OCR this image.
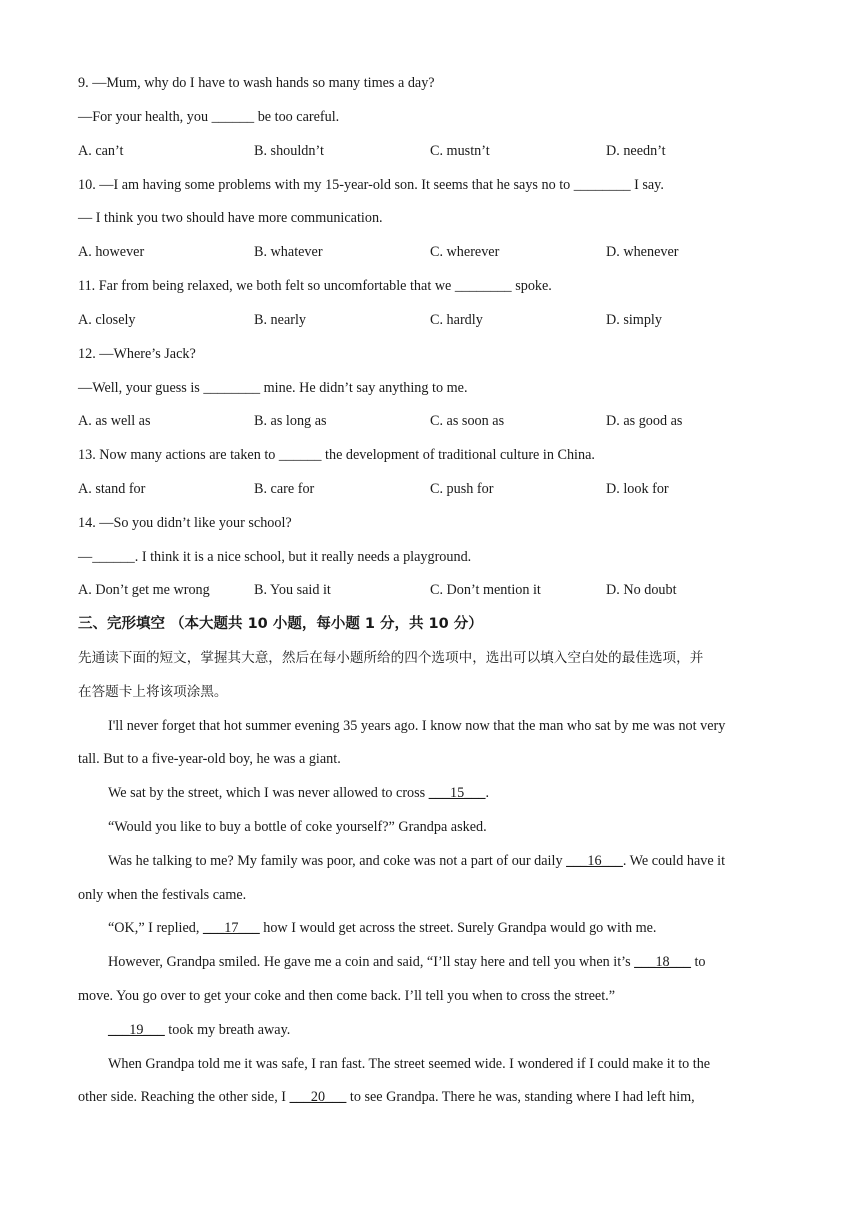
9. —Mum, why do I have to wash hands so many times a day?
—For your health, you ______ be too careful.
A. can’t	B. shouldn’t	C. mustn’t	D. needn’t
10. —I am having some problems with my 15-year-old son. It seems that he says no to ________ I say.
— I think you two should have more communication.
A. however	B. whatever	C. wherever	D. whenever
11. Far from being relaxed, we both felt so uncomfortable that we ________ spoke.
A. closely	B. nearly	C. hardly	D. simply
12. —Where’s Jack?
—Well, your guess is ________ mine. He didn’t say anything to me.
A. as well as	B. as long as	C. as soon as	D. as good as
13. Now many actions are taken to ______ the development of traditional culture in China.
A. stand for	B. care for	C. push for	D. look for
14. —So you didn’t like your school?
—______. I think it is a nice school, but it really needs a playground.
A. Don’t get me wrong	B. You said it	C. Don’t mention it	D. No doubt
三、完形填空 （本大题共 10 小题，每小题 1 分，共 10 分）
先通读下面的短文，掌握其大意，然后在每小题所给的四个选项中，选出可以填入空白处的最佳选项，并
在答题卡上将该项涂黑。
I'll never forget that hot summer evening 35 years ago. I know now that the man who sat by me was not very
tall. But to a five-year-old boy, he was a giant.
We sat by the street, which I was never allowed to cross ___15___.
“Would you like to buy a bottle of coke yourself?” Grandpa asked.
Was he talking to me? My family was poor, and coke was not a part of our daily ___16___. We could have it
only when the festivals came.
“OK,” I replied, ___17___ how I would get across the street. Surely Grandpa would go with me.
However, Grandpa smiled. He gave me a coin and said, “I’ll stay here and tell you when it’s ___18___ to
move. You go over to get your coke and then come back. I’ll tell you when to cross the street.”
___19___ took my breath away.
When Grandpa told me it was safe, I ran fast. The street seemed wide. I wondered if I could make it to the
other side. Reaching the other side, I ___20___ to see Grandpa. There he was, standing where I had left him,
